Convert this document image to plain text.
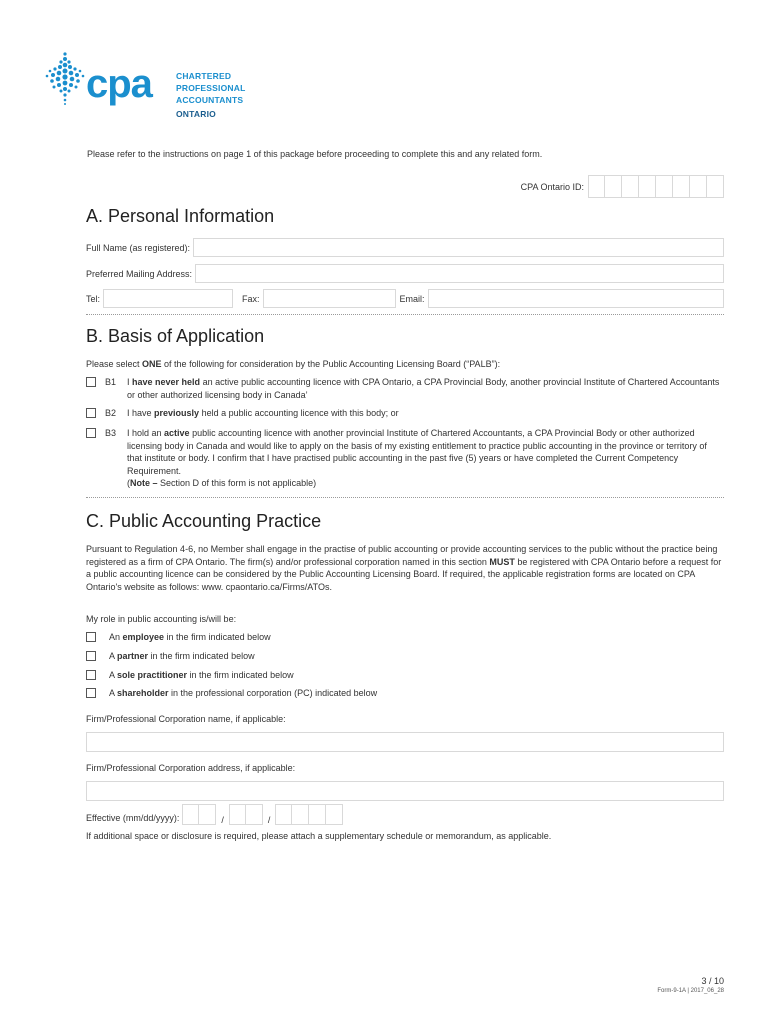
cpa	CHARTERED
PROFESSIONAL
ACCOUNTANTS
ONTARIO
Please refer to the instructions on page 1 of this package before proceeding to complete this and any related form.
CPA Ontario ID:
A. Personal Information
Full Name (as registered):
Preferred Mailing Address:
Tel:	Fax:	Email:
B. Basis of Application
Please select ONE of the following for consideration by the Public Accounting Licensing Board (“PALB”):
B1	I have never held an active public accounting licence with CPA Ontario, a CPA Provincial Body, another provincial Institute of Chartered Accountants or other authorized licensing body in Canada’
B2	I have previously held a public accounting licence with this body; or
B3	I hold an active public accounting licence with another provincial Institute of Chartered Accountants, a CPA Provincial Body or other authorized licensing body in Canada and would like to apply on the basis of my existing entitlement to practice public accounting in the province or territory of that institute or body. I confirm that I have practised public accounting in the past five (5) years or have completed the Current Competency Requirement.
(Note – Section D of this form is not applicable)
C. Public Accounting Practice
Pursuant to Regulation 4-6, no Member shall engage in the practise of public accounting or provide accounting services to the public without the practice being registered as a firm of CPA Ontario. The firm(s) and/or professional corporation named in this section MUST be registered with CPA Ontario before a request for a public accounting licence can be considered by the Public Accounting Licensing Board. If required, the applicable registration forms are located on CPA Ontario's website as follows: www. cpaontario.ca/Firms/ATOs.
My role in public accounting is/will be:
An employee in the firm indicated below
A partner in the firm indicated below
A sole practitioner in the firm indicated below
A shareholder in the professional corporation (PC) indicated below
Firm/Professional Corporation name, if applicable:
Firm/Professional Corporation address, if applicable:
Effective (mm/dd/yyyy):	/	/
If additional space or disclosure is required, please attach a supplementary schedule or memorandum, as applicable.
3 / 10
Form-9-1A | 2017_06_28
